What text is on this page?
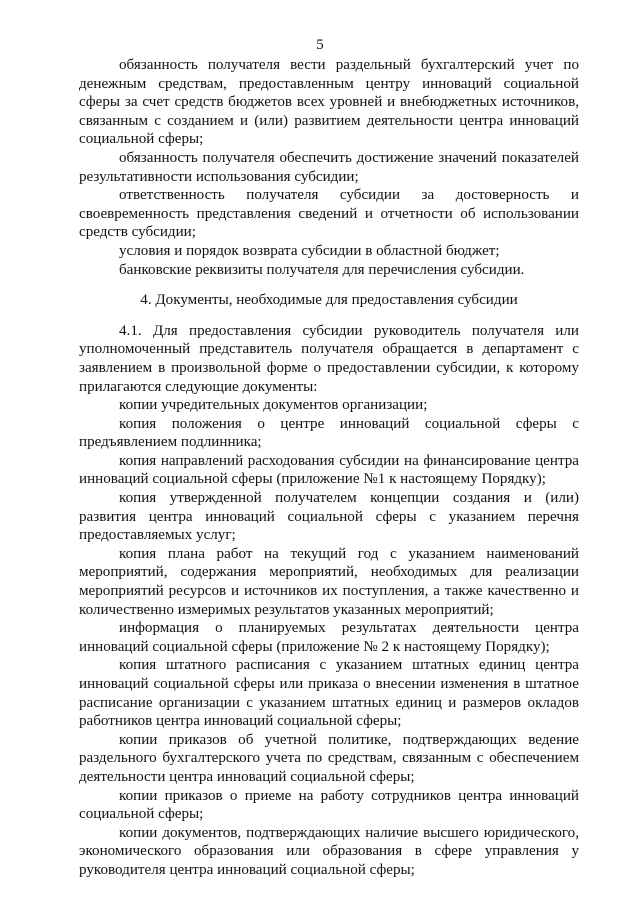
5

обязанность получателя вести раздельный бухгалтерский учет по денежным средствам, предоставленным центру инноваций социальной сферы за счет средств бюджетов всех уровней и внебюджетных источников, связанным с созданием и (или) развитием деятельности центра инноваций социальной сферы;

обязанность получателя обеспечить достижение значений показателей результативности использования субсидии;

ответственность получателя субсидии за достоверность и своевременность представления сведений и отчетности об использовании средств субсидии;

условия и порядок возврата субсидии в областной бюджет;

банковские реквизиты получателя для перечисления субсидии.

4. Документы, необходимые для предоставления субсидии

4.1. Для предоставления субсидии руководитель получателя или уполномоченный представитель получателя обращается в департамент с заявлением в произвольной форме о предоставлении субсидии, к которому прилагаются следующие документы:

копии учредительных документов организации;

копия положения о центре инноваций социальной сферы с предъявлением подлинника;

копия направлений расходования субсидии на финансирование центра инноваций социальной сферы (приложение №1 к настоящему Порядку);

копия утвержденной получателем концепции создания и (или) развития центра инноваций социальной сферы с указанием перечня предоставляемых услуг;

копия плана работ на текущий год с указанием наименований мероприятий, содержания мероприятий, необходимых для реализации мероприятий ресурсов и источников их поступления, а также качественно и количественно измеримых результатов указанных мероприятий;

информация о планируемых результатах деятельности центра инноваций социальной сферы (приложение № 2 к настоящему Порядку);

копия штатного расписания с указанием штатных единиц центра инноваций социальной сферы или приказа о внесении изменения в штатное расписание организации с указанием штатных единиц и размеров окладов работников центра инноваций социальной сферы;

копии приказов об учетной политике, подтверждающих ведение раздельного бухгалтерского учета по средствам, связанным с обеспечением деятельности центра инноваций социальной сферы;

копии приказов о приеме на работу сотрудников центра инноваций социальной сферы;

копии документов, подтверждающих наличие высшего юридического, экономического образования или образования в сфере управления у руководителя центра инноваций социальной сферы;
